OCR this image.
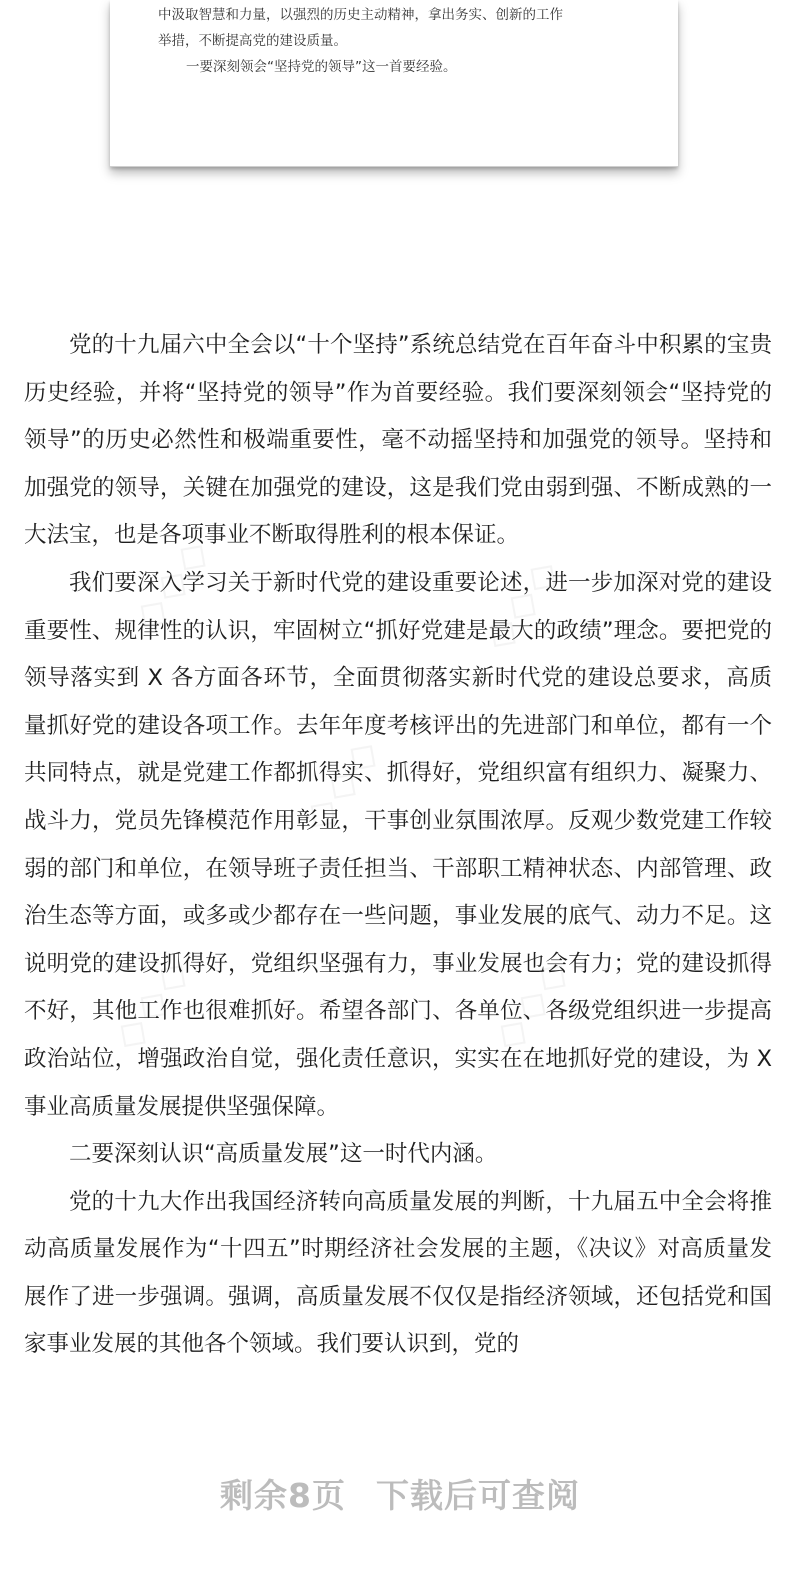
中汲取智慧和力量，以强烈的历史主动精神，拿出务实、创新的工作

举措，不断提高党的建设质量。

一要深刻领会“坚持党的领导”这一首要经验。

党的十九届六中全会以“十个坚持”系统总结党在百年奋斗中积累的宝贵历史经验，并将“坚持党的领导”作为首要经验。我们要深刻领会“坚持党的领导”的历史必然性和极端重要性，毫不动摇坚持和加强党的领导。坚持和加强党的领导，关键在加强党的建设，这是我们党由弱到强、不断成熟的一大法宝，也是各项事业不断取得胜利的根本保证。

我们要深入学习关于新时代党的建设重要论述，进一步加深对党的建设重要性、规律性的认识，牢固树立“抓好党建是最大的政绩”理念。要把党的领导落实到 X 各方面各环节，全面贯彻落实新时代党的建设总要求，高质量抓好党的建设各项工作。去年年度考核评出的先进部门和单位，都有一个共同特点，就是党建工作都抓得实、抓得好，党组织富有组织力、凝聚力、战斗力，党员先锋模范作用彰显，干事创业氛围浓厚。反观少数党建工作较弱的部门和单位，在领导班子责任担当、干部职工精神状态、内部管理、政治生态等方面，或多或少都存在一些问题，事业发展的底气、动力不足。这说明党的建设抓得好，党组织坚强有力，事业发展也会有力；党的建设抓得不好，其他工作也很难抓好。希望各部门、各单位、各级党组织进一步提高政治站位，增强政治自觉，强化责任意识，实实在在地抓好党的建设，为 X 事业高质量发展提供坚强保障。

二要深刻认识“高质量发展”这一时代内涵。

党的十九大作出我国经济转向高质量发展的判断，十九届五中全会将推动高质量发展作为“十四五”时期经济社会发展的主题，《决议》对高质量发展作了进一步强调。强调，高质量发展不仅仅是指经济领域，还包括党和国家事业发展的其他各个领域。我们要认识到，党的

剩余8页 下载后可查阅
